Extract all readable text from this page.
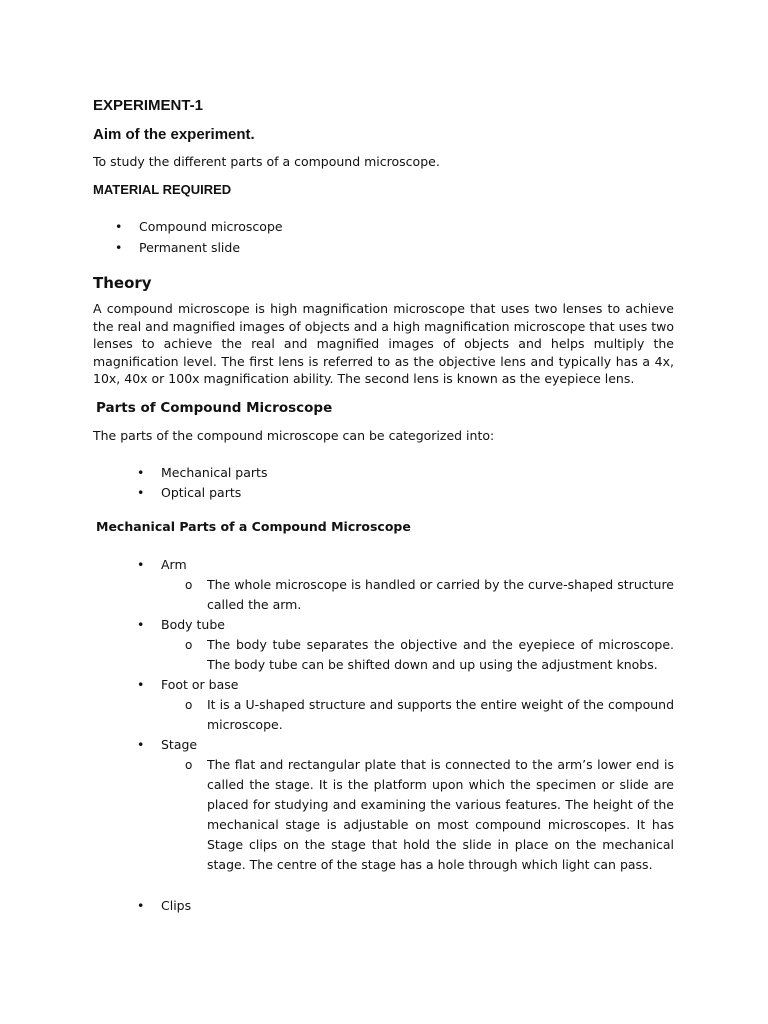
EXPERIMENT-1
Aim of the experiment.
To study the different parts of a compound microscope.
MATERIAL REQUIRED
•	Compound microscope
•	Permanent slide
Theory
A compound microscope is high magnification microscope that uses two lenses to achieve the real and magnified images of objects and a high magnification microscope that uses two lenses to achieve the real and magnified images of objects and helps multiply the magnification level. The first lens is referred to as the objective lens and typically has a 4x, 10x, 40x or 100x magnification ability. The second lens is known as the eyepiece lens.
Parts of Compound Microscope
The parts of the compound microscope can be categorized into:
•	Mechanical parts
•	Optical parts
Mechanical Parts of a Compound Microscope
•	Arm
o The whole microscope is handled or carried by the curve-shaped structure called the arm.
•	Body tube
o The body tube separates the objective and the eyepiece of microscope. The body tube can be shifted down and up using the adjustment knobs.
•	Foot or base
o It is a U-shaped structure and supports the entire weight of the compound microscope.
•	Stage
o The flat and rectangular plate that is connected to the arm’s lower end is called the stage. It is the platform upon which the specimen or slide are placed for studying and examining the various features. The height of the mechanical stage is adjustable on most compound microscopes. It has Stage clips on the stage that hold the slide in place on the mechanical stage. The centre of the stage has a hole through which light can pass.
•	Clips
